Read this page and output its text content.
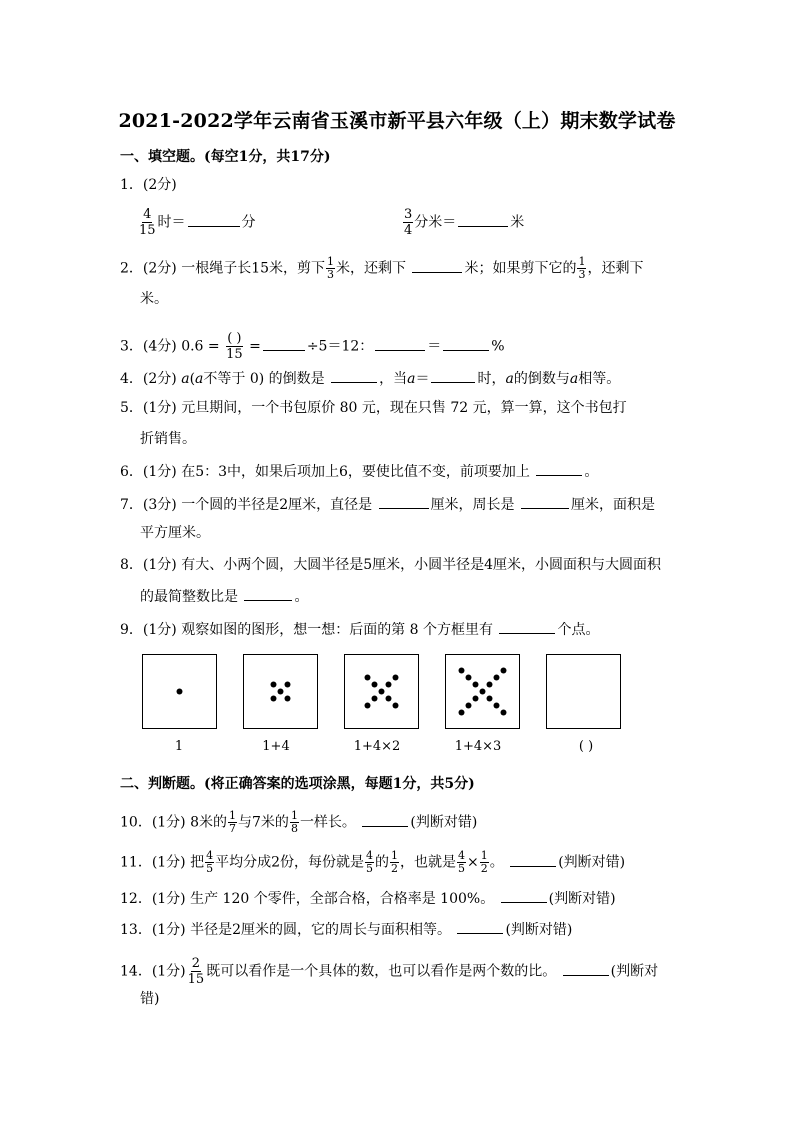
2021-2022学年云南省玉溪市新平县六年级（上）期末数学试卷
一、填空题。(每空1分，共17分)
1．(2分)
$\frac{4}{15}$ 时＝	分	$\frac{3}{4}$ 分米＝	米
2．(2分) 一根绳子长15米，剪下 $\frac{1}{3}$ 米，还剩下	米；如果剪下它的 $\frac{1}{3}$ ，还剩下
米。
3．(4分) $0.6 = \frac{( )}{15}$ =	÷5＝12：	＝	%
4．(2分) a(a不等于 0) 的倒数是	，当a＝	时，a的倒数与a相等。
5．(1分) 元旦期间，一个书包原价 80 元，现在只售 72 元，算一算，这个书包打
折销售。
6．(1分) 在5：3中，如果后项加上6，要使比值不变，前项要加上	。
7．(3分) 一个圆的半径是2厘米，直径是	厘米，周长是	厘米，面积是
平方厘米。
8．(1分) 有大、小两个圆，大圆半径是5厘米，小圆半径是4厘米，小圆面积与大圆面积
的最简整数比是	。
9．(1分) 观察如图的图形，想一想：后面的第 8 个方框里有	个点。
1	1+4	1+4×2	1+4×3	( )
二、判断题。(将正确答案的选项涂黑，每题1分，共5分)
10．(1分) 8米的 $\frac{1}{7}$ 与7米的 $\frac{1}{8}$ 一样长。	(判断对错)
11．(1分) 把 $\frac{4}{5}$ 平均分成2份，每份就是 $\frac{4}{5}$ 的 $\frac{1}{2}$ ，也就是 $\frac{4}{5} \times \frac{1}{2}$ 。	(判断对错)
12．(1分) 生产 120 个零件，全部合格，合格率是 100%。	(判断对错)
13．(1分) 半径是2厘米的圆，它的周长与面积相等。	(判断对错)
14．(1分) $\frac{2}{15}$ 既可以看作是一个具体的数，也可以看作是两个数的比。	(判断对
错)
